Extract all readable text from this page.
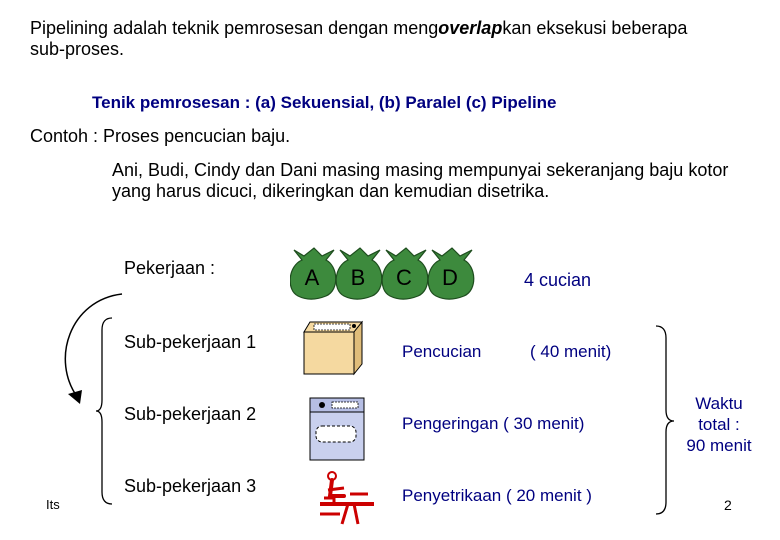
Pipelining adalah teknik pemrosesan dengan mengoverlapkan eksekusi beberapa sub-proses.
Tenik pemrosesan : (a) Sekuensial, (b) Paralel (c) Pipeline
Contoh : Proses pencucian baju.
Ani, Budi, Cindy dan Dani masing masing mempunyai sekeranjang baju kotor yang harus dicuci, dikeringkan dan kemudian disetrika.
Pekerjaan :	A B C D	4 cucian
Sub-pekerjaan 1
Sub-pekerjaan 2
Sub-pekerjaan 3
Pencucian	( 40 menit)
Pengeringan ( 30 menit)
Penyetrikaan ( 20 menit )
Waktu
total :
90 menit
Its	2
